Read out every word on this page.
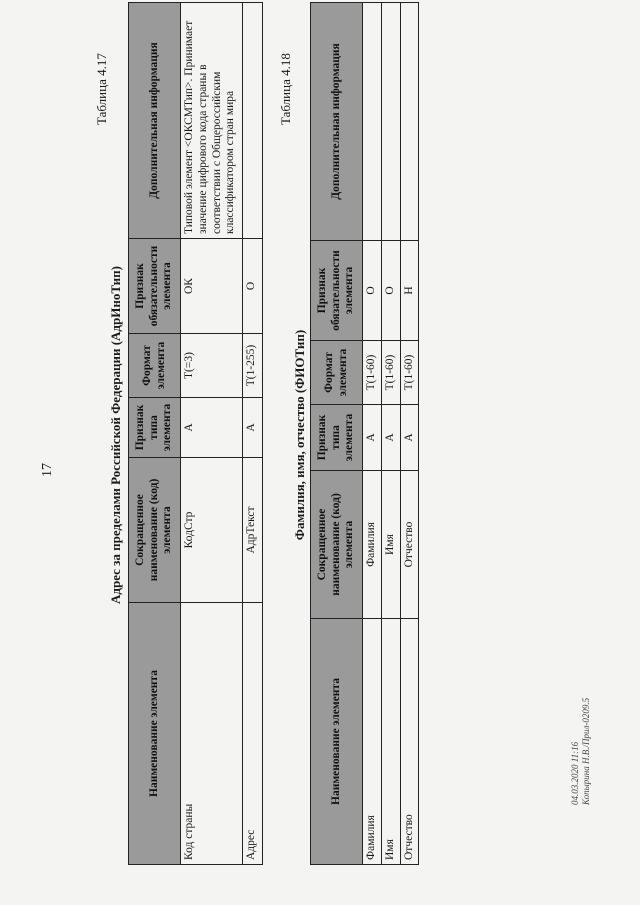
17
Таблица 4.17
Адрес за пределами Российской Федерации (АдрИноТип)
Наименование элемента	Сокращенное наименование (код) элемента	Признак типа элемента	Формат элемента	Признак обязательности элемента	Дополнительная информация
Код страны	КодСтр	А	T(=3)	ОК	Типовой элемент <ОКСМТип>. Принимает значение цифрового кода страны в соответствии с Общероссийским классификатором стран мира
Адрес	АдрТекст	А	T(1-255)	О	
Таблица 4.18
Фамилия, имя, отчество (ФИОТип)
Наименование элемента	Сокращенное наименование (код) элемента	Признак типа элемента	Формат элемента	Признак обязательности элемента	Дополнительная информация
Фамилия	Фамилия	А	T(1-60)	О	
Имя	Имя	А	T(1-60)	О	
Отчество	Отчество	А	T(1-60)	Н	
04.03.2020 11:16 Копырина Н.В./Прил-0209.5
